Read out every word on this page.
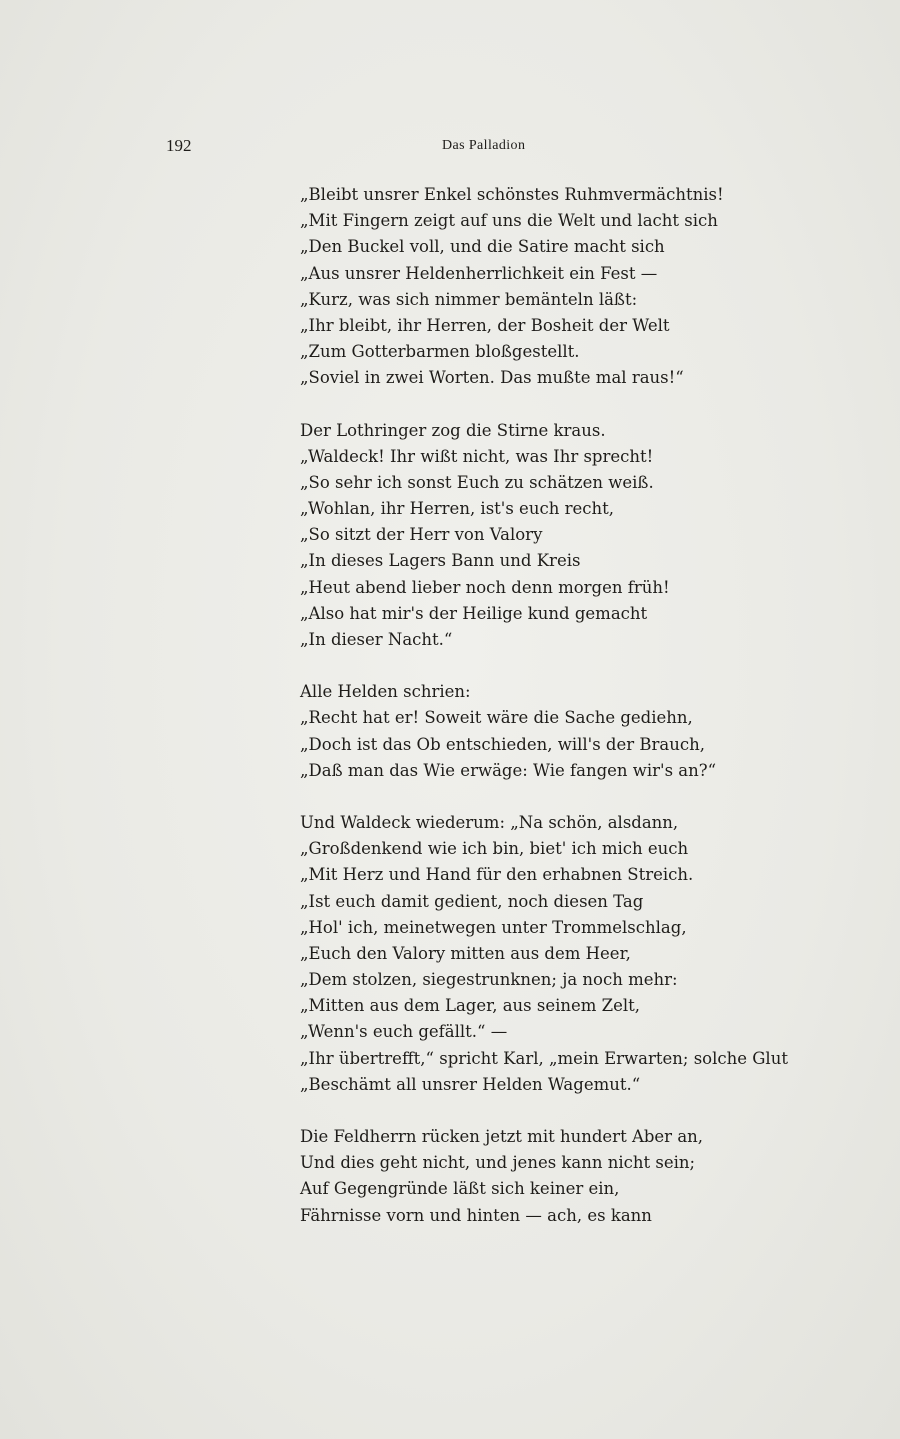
192	Das Palladion
„Bleibt unsrer Enkel schönstes Ruhmvermächtnis!
„Mit Fingern zeigt auf uns die Welt und lacht sich
„Den Buckel voll, und die Satire macht sich
„Aus unsrer Heldenherrlichkeit ein Fest —
„Kurz, was sich nimmer bemänteln läßt:
„Ihr bleibt, ihr Herren, der Bosheit der Welt
„Zum Gotterbarmen bloßgestellt.
„Soviel in zwei Worten. Das mußte mal raus!“
Der Lothringer zog die Stirne kraus.
„Waldeck! Ihr wißt nicht, was Ihr sprecht!
„So sehr ich sonst Euch zu schätzen weiß.
„Wohlan, ihr Herren, ist's euch recht,
„So sitzt der Herr von Valory
„In dieses Lagers Bann und Kreis
„Heut abend lieber noch denn morgen früh!
„Also hat mir's der Heilige kund gemacht
„In dieser Nacht.“
Alle Helden schrien:
„Recht hat er! Soweit wäre die Sache gediehn,
„Doch ist das Ob entschieden, will's der Brauch,
„Daß man das Wie erwäge: Wie fangen wir's an?“
Und Waldeck wiederum: „Na schön, alsdann,
„Großdenkend wie ich bin, biet' ich mich euch
„Mit Herz und Hand für den erhabnen Streich.
„Ist euch damit gedient, noch diesen Tag
„Hol' ich, meinetwegen unter Trommelschlag,
„Euch den Valory mitten aus dem Heer,
„Dem stolzen, siegestrunknen; ja noch mehr:
„Mitten aus dem Lager, aus seinem Zelt,
„Wenn's euch gefällt.“ —
„Ihr übertrefft,“ spricht Karl, „mein Erwarten; solche Glut
„Beschämt all unsrer Helden Wagemut.“
Die Feldherrn rücken jetzt mit hundert Aber an,
Und dies geht nicht, und jenes kann nicht sein;
Auf Gegengründe läßt sich keiner ein,
Fährnisse vorn und hinten — ach, es kann
